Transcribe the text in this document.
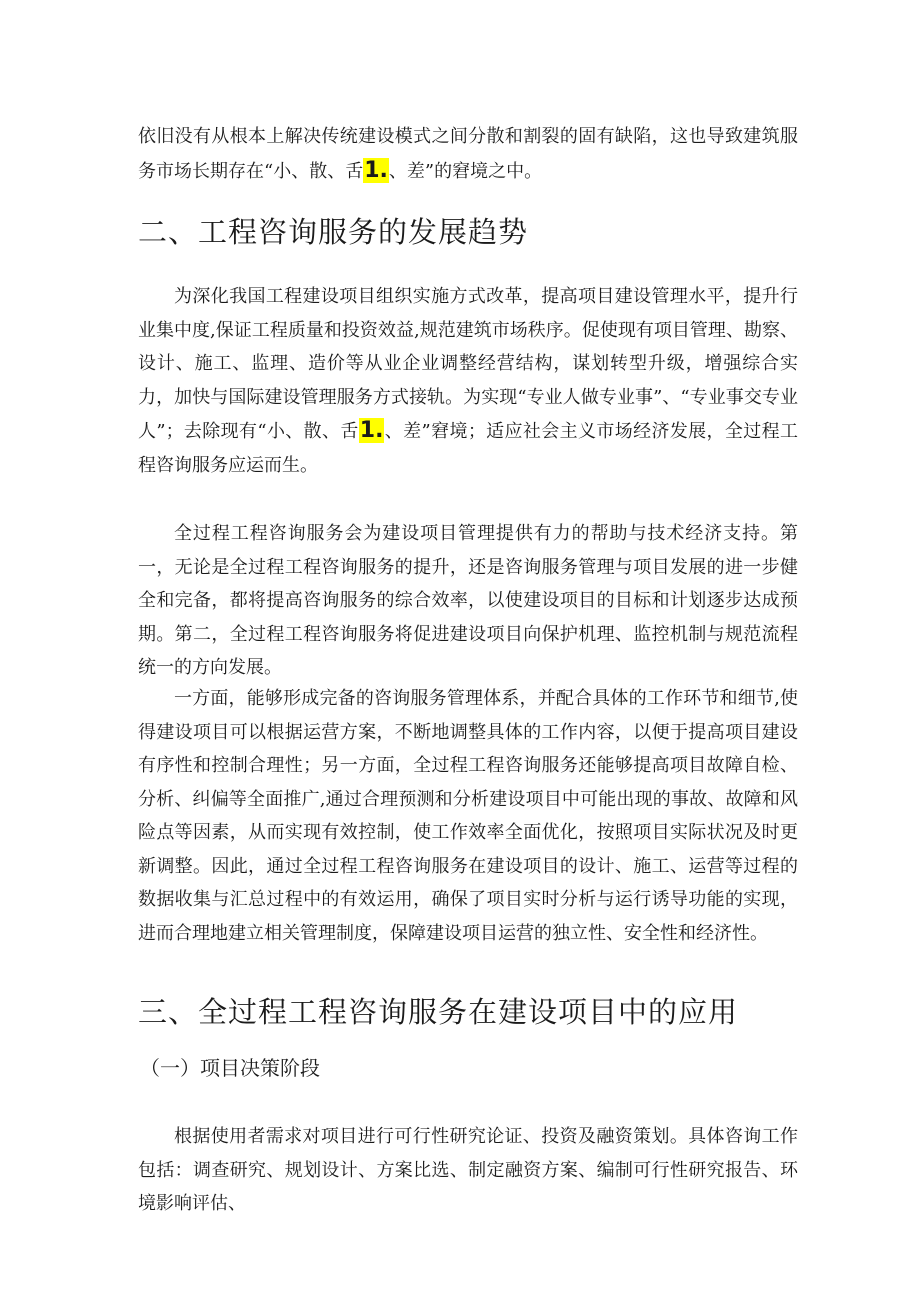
依旧没有从根本上解决传统建设模式之间分散和割裂的固有缺陷，这也导致建筑服务市场长期存在“小、散、舌1.、差”的窘境之中。

二、工程咨询服务的发展趋势

为深化我国工程建设项目组织实施方式改革，提高项目建设管理水平，提升行业集中度,保证工程质量和投资效益,规范建筑市场秩序。促使现有项目管理、勘察、设计、施工、监理、造价等从业企业调整经营结构，谋划转型升级，增强综合实力，加快与国际建设管理服务方式接轨。为实现“专业人做专业事”、“专业事交专业人”；去除现有“小、散、舌1.、差”窘境；适应社会主义市场经济发展，全过程工程咨询服务应运而生。

全过程工程咨询服务会为建设项目管理提供有力的帮助与技术经济支持。第一，无论是全过程工程咨询服务的提升，还是咨询服务管理与项目发展的进一步健全和完备，都将提高咨询服务的综合效率，以使建设项目的目标和计划逐步达成预期。第二，全过程工程咨询服务将促进建设项目向保护机理、监控机制与规范流程统一的方向发展。

一方面，能够形成完备的咨询服务管理体系，并配合具体的工作环节和细节,使得建设项目可以根据运营方案，不断地调整具体的工作内容，以便于提高项目建设有序性和控制合理性；另一方面，全过程工程咨询服务还能够提高项目故障自检、分析、纠偏等全面推广,通过合理预测和分析建设项目中可能出现的事故、故障和风险点等因素，从而实现有效控制，使工作效率全面优化，按照项目实际状况及时更新调整。因此，通过全过程工程咨询服务在建设项目的设计、施工、运营等过程的数据收集与汇总过程中的有效运用，确保了项目实时分析与运行诱导功能的实现，进而合理地建立相关管理制度，保障建设项目运营的独立性、安全性和经济性。

三、全过程工程咨询服务在建设项目中的应用
（一）项目决策阶段

根据使用者需求对项目进行可行性研究论证、投资及融资策划。具体咨询工作包括：调查研究、规划设计、方案比选、制定融资方案、编制可行性研究报告、环境影响评估、
